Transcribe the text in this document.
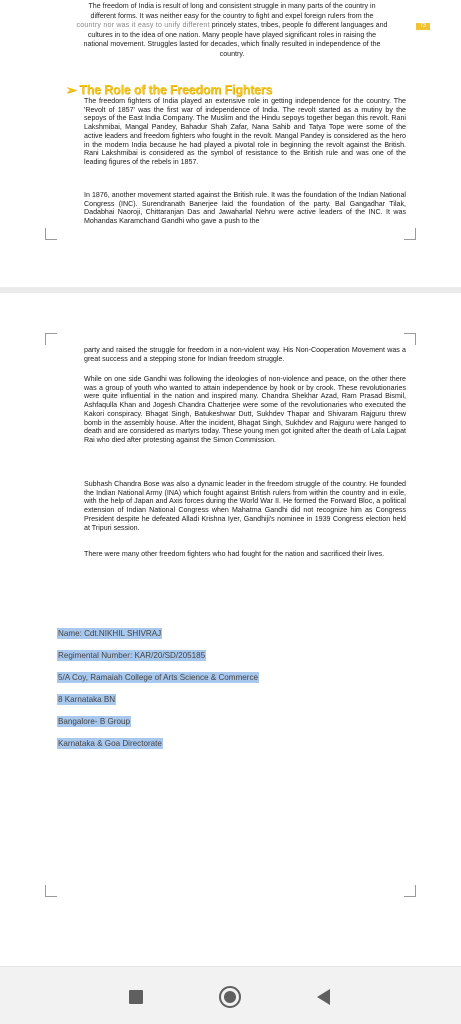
The freedom of India is result of long and consistent struggle in many parts of the country in
different forms. It was neither easy for the country to fight and expel foreign rulers from the
country nor was it easy to unify different princely states, tribes, people fo different languages and
cultures in to the idea of one nation. Many people have played significant roles in raising the
national movement. Struggles lasted for decades, which finally resulted in independence of the
country.
73
➢ The Role of the Freedom Fighters

The freedom fighters of India played an extensive role in getting independence for the country. The 'Revolt of 1857' was the first war of independence of India. The revolt started as a mutiny by the sepoys of the East India Company. The Muslim and the Hindu sepoys together began this revolt. Rani Lakshmibai, Mangal Pandey, Bahadur Shah Zafar, Nana Sahib and Tatya Tope were some of the active leaders and freedom fighters who fought in the revolt. Mangal Pandey is considered as the hero in the modern India because he had played a pivotal role in beginning the revolt against the British. Rani Lakshmibai is considered as the symbol of resistance to the British rule and was one of the leading figures of the rebels in 1857.

In 1876, another movement started against the British rule. It was the foundation of the Indian National Congress (INC). Surendranath Banerjee laid the foundation of the party. Bal Gangadhar Tilak, Dadabhai Naoroji, Chittaranjan Das and Jawaharlal Nehru were active leaders of the INC. It was Mohandas Karamchand Gandhi who gave a push to the

party and raised the struggle for freedom in a non-violent way. His Non-Cooperation Movement was a great success and a stepping stone for Indian freedom struggle.

While on one side Gandhi was following the ideologies of non-violence and peace, on the other there was a group of youth who wanted to attain independence by hook or by crook. These revolutionaries were quite influential in the nation and inspired many. Chandra Shekhar Azad, Ram Prasad Bismil, Ashfaqulla Khan and Jogesh Chandra Chatterjee were some of the revolutionaries who executed the Kakori conspiracy. Bhagat Singh, Batukeshwar Dutt, Sukhdev Thapar and Shivaram Rajguru threw bomb in the assembly house. After the incident, Bhagat Singh, Sukhdev and Rajguru were hanged to death and are considered as martyrs today. These young men got ignited after the death of Lala Lajpat Rai who died after protesting against the Simon Commission.

Subhash Chandra Bose was also a dynamic leader in the freedom struggle of the country. He founded the Indian National Army (INA) which fought against British rulers from within the country and in exile, with the help of Japan and Axis forces during the World War II. He formed the Forward Bloc, a political extension of Indian National Congress when Mahatma Gandhi did not recognize him as Congress President despite he defeated Alladi Krishna Iyer, Gandhiji's nominee in 1939 Congress election held at Tripuri session.

There were many other freedom fighters who had fought for the nation and sacrificed their lives.

Name: Cdt.NIKHIL SHIVRAJ
Regimental Number: KAR/20/SD/205185
5/A Coy, Ramaiah College of Arts Science & Commerce
8 Karnataka BN
Bangalore- B Group
Karnataka & Goa Directorate
